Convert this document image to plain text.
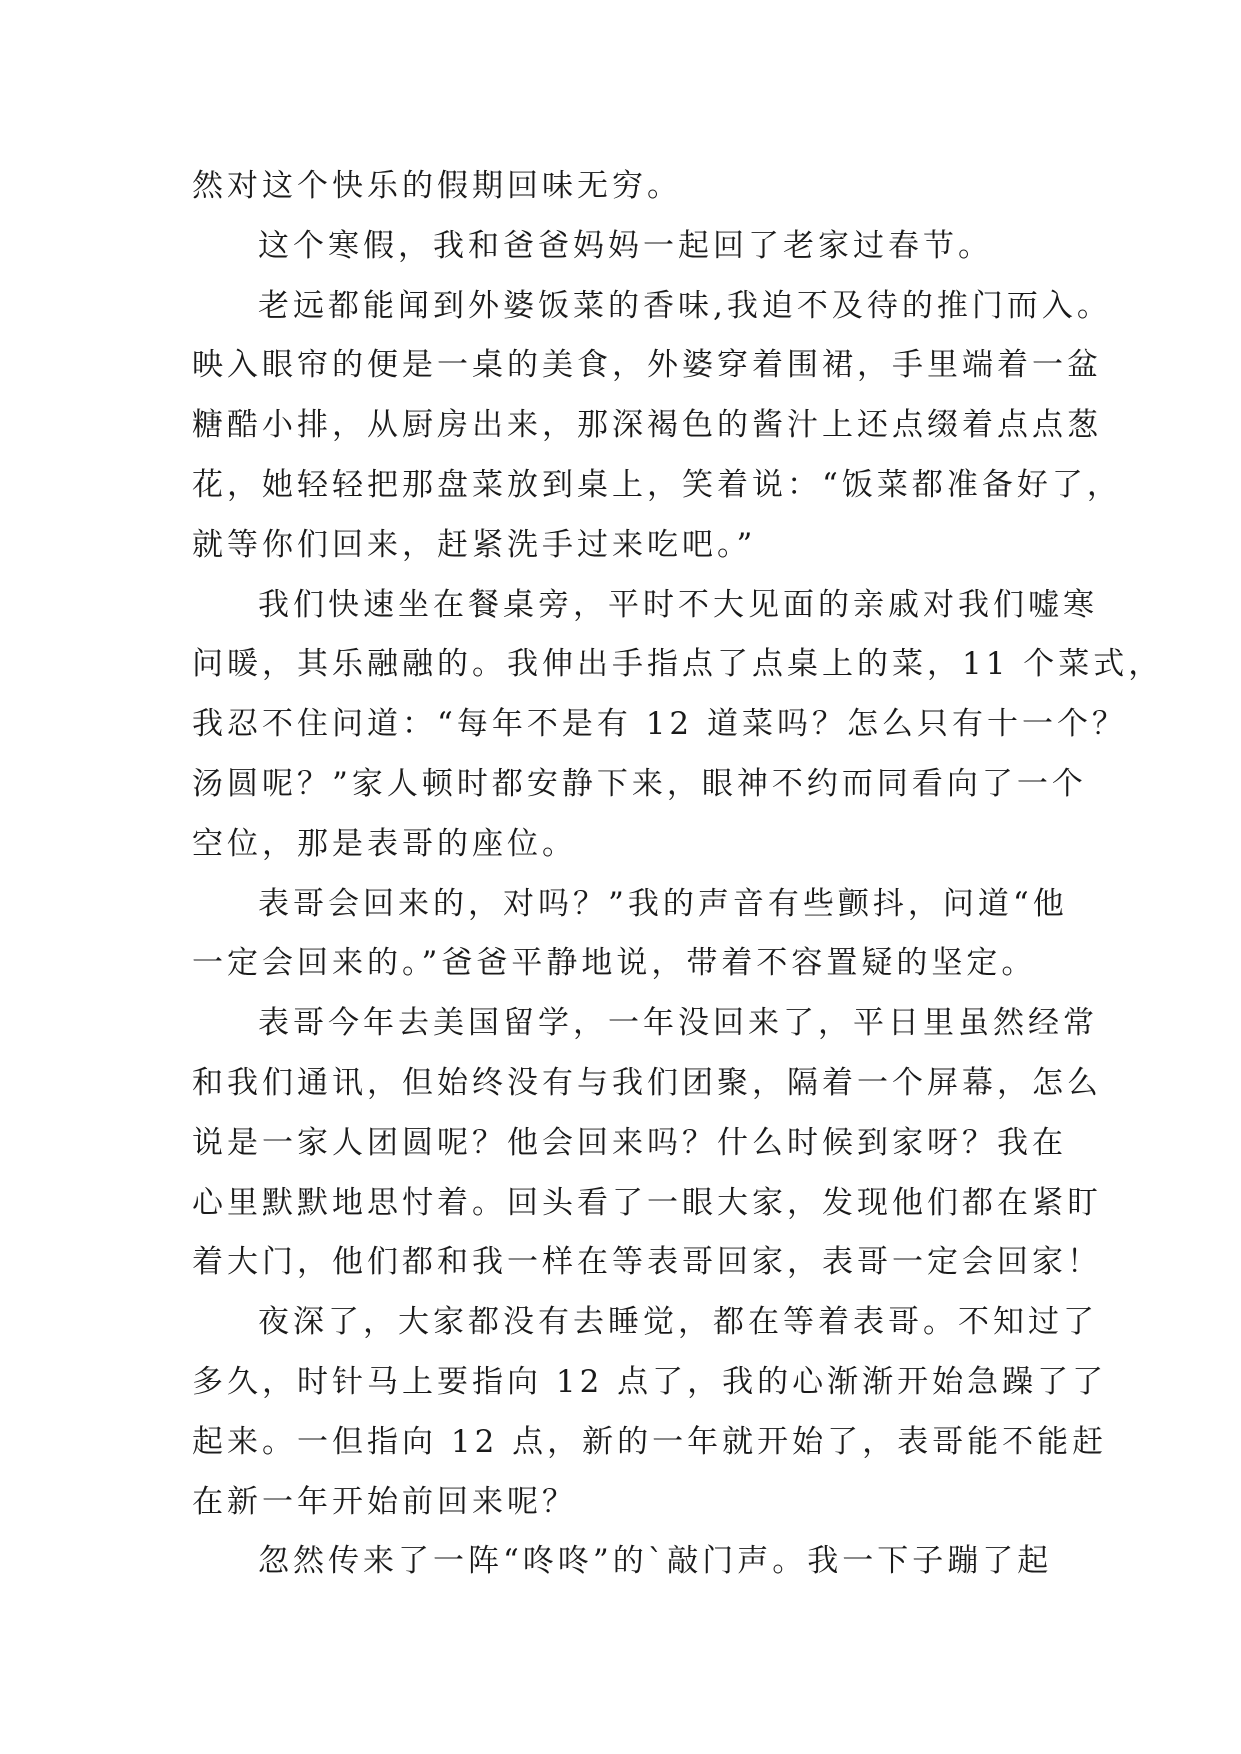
然对这个快乐的假期回味无穷。
这个寒假，我和爸爸妈妈一起回了老家过春节。
老远都能闻到外婆饭菜的香味,我迫不及待的推门而入。
映入眼帘的便是一桌的美食，外婆穿着围裙，手里端着一盆
糖酷小排，从厨房出来，那深褐色的酱汁上还点缀着点点葱
花，她轻轻把那盘菜放到桌上，笑着说：“饭菜都准备好了，
就等你们回来，赶紧洗手过来吃吧。”
我们快速坐在餐桌旁，平时不大见面的亲戚对我们嘘寒
问暖，其乐融融的。我伸出手指点了点桌上的菜，11 个菜式，
我忍不住问道：“每年不是有 12 道菜吗？怎么只有十一个？
汤圆呢？”家人顿时都安静下来，眼神不约而同看向了一个
空位，那是表哥的座位。
表哥会回来的，对吗？”我的声音有些颤抖，问道“他
一定会回来的。”爸爸平静地说，带着不容置疑的坚定。
表哥今年去美国留学，一年没回来了，平日里虽然经常
和我们通讯，但始终没有与我们团聚，隔着一个屏幕，怎么
说是一家人团圆呢？他会回来吗？什么时候到家呀？我在
心里默默地思忖着。回头看了一眼大家，发现他们都在紧盯
着大门，他们都和我一样在等表哥回家，表哥一定会回家！
夜深了，大家都没有去睡觉，都在等着表哥。不知过了
多久，时针马上要指向 12 点了，我的心渐渐开始急躁了了
起来。一但指向 12 点，新的一年就开始了，表哥能不能赶
在新一年开始前回来呢？
忽然传来了一阵“咚咚”的`敲门声。我一下子蹦了起
